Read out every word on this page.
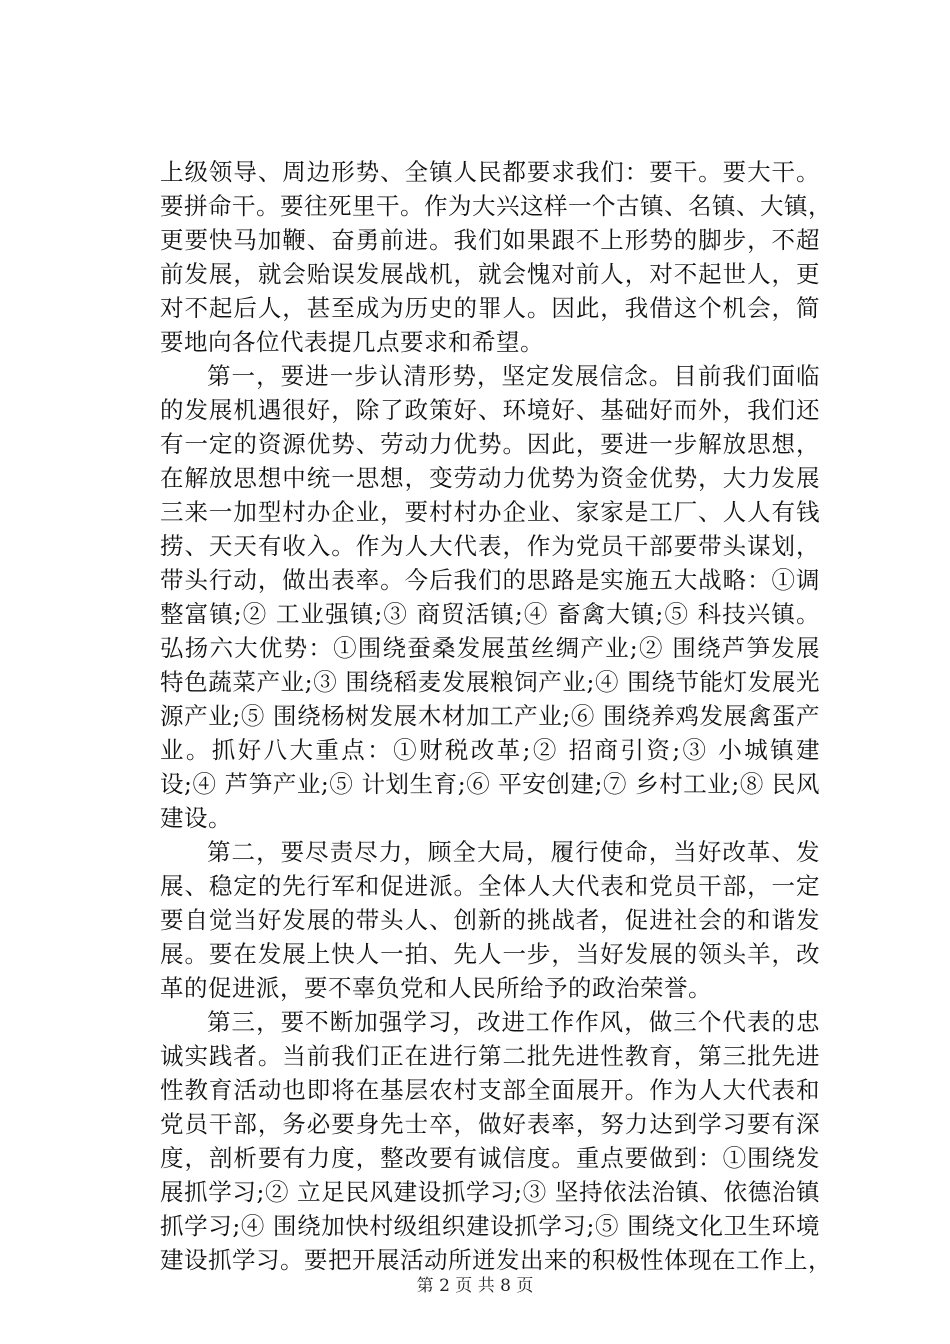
上级领导、周边形势、全镇人民都要求我们：要干。要大干。
要拼命干。要往死里干。作为大兴这样一个古镇、名镇、大镇，
更要快马加鞭、奋勇前进。我们如果跟不上形势的脚步，不超
前发展，就会贻误发展战机，就会愧对前人，对不起世人，更
对不起后人，甚至成为历史的罪人。因此，我借这个机会，简
要地向各位代表提几点要求和希望。
第一，要进一步认清形势，坚定发展信念。目前我们面临
的发展机遇很好，除了政策好、环境好、基础好而外，我们还
有一定的资源优势、劳动力优势。因此，要进一步解放思想，
在解放思想中统一思想，变劳动力优势为资金优势，大力发展
三来一加型村办企业，要村村办企业、家家是工厂、人人有钱
捞、天天有收入。作为人大代表，作为党员干部要带头谋划，
带头行动，做出表率。今后我们的思路是实施五大战略：①调
整富镇;② 工业强镇;③ 商贸活镇;④ 畜禽大镇;⑤ 科技兴镇。
弘扬六大优势：①围绕蚕桑发展茧丝绸产业;② 围绕芦笋发展
特色蔬菜产业;③ 围绕稻麦发展粮饲产业;④ 围绕节能灯发展光
源产业;⑤ 围绕杨树发展木材加工产业;⑥ 围绕养鸡发展禽蛋产
业。抓好八大重点：①财税改革;② 招商引资;③ 小城镇建
设;④ 芦笋产业;⑤ 计划生育;⑥ 平安创建;⑦ 乡村工业;⑧ 民风
建设。
第二，要尽责尽力，顾全大局，履行使命，当好改革、发
展、稳定的先行军和促进派。全体人大代表和党员干部，一定
要自觉当好发展的带头人、创新的挑战者，促进社会的和谐发
展。要在发展上快人一拍、先人一步，当好发展的领头羊，改
革的促进派，要不辜负党和人民所给予的政治荣誉。
第三，要不断加强学习，改进工作作风，做三个代表的忠
诚实践者。当前我们正在进行第二批先进性教育，第三批先进
性教育活动也即将在基层农村支部全面展开。作为人大代表和
党员干部，务必要身先士卒，做好表率，努力达到学习要有深
度，剖析要有力度，整改要有诚信度。重点要做到：①围绕发
展抓学习;② 立足民风建设抓学习;③ 坚持依法治镇、依德治镇
抓学习;④ 围绕加快村级组织建设抓学习;⑤ 围绕文化卫生环境
建设抓学习。要把开展活动所迸发出来的积极性体现在工作上，
第 2 页 共 8 页
